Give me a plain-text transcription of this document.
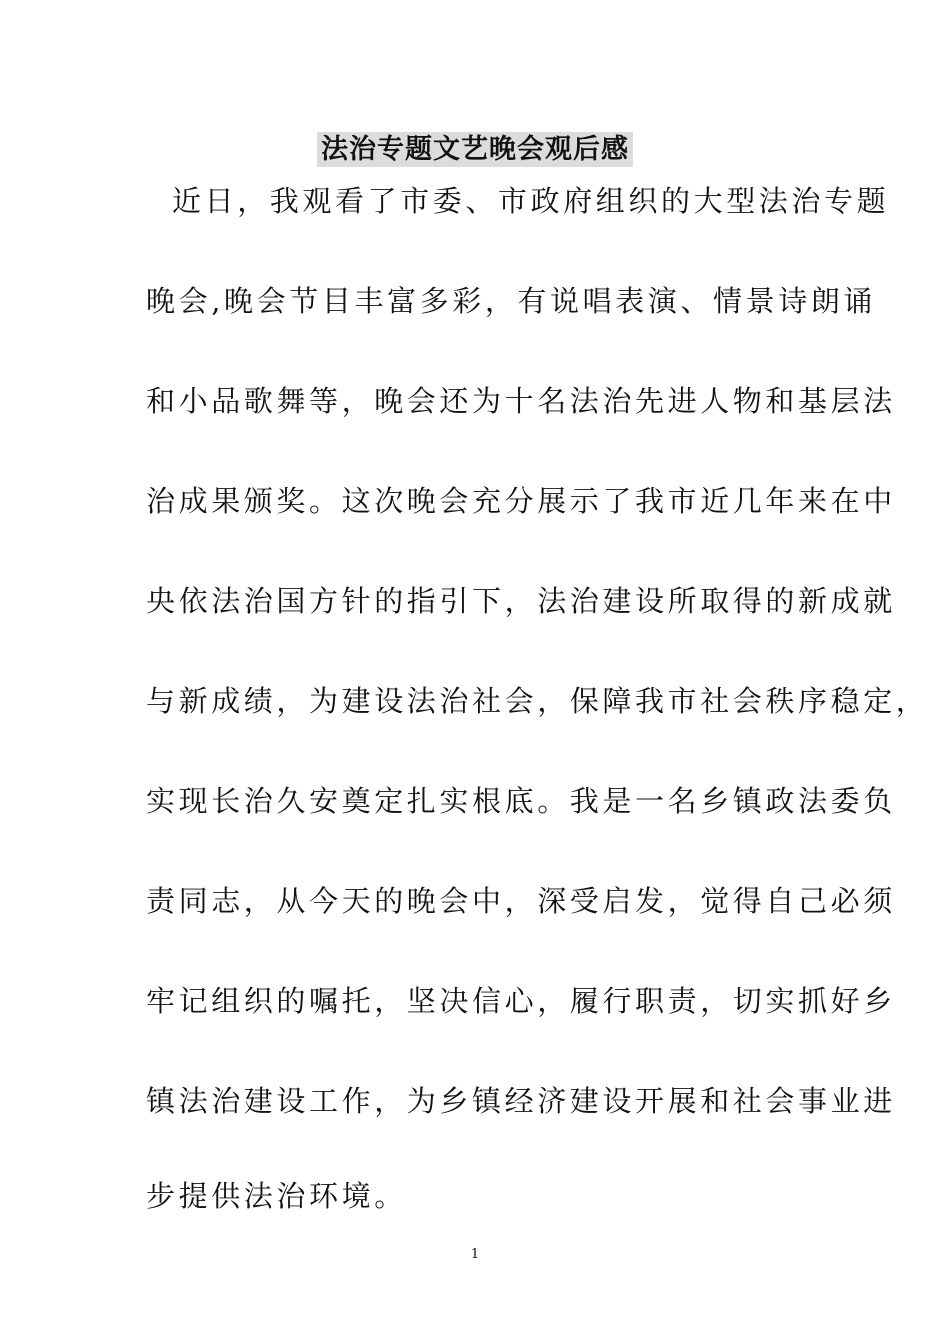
法治专题文艺晚会观后感
近日，我观看了市委、市政府组织的大型法治专题
晚会,晚会节目丰富多彩，有说唱表演、情景诗朗诵
和小品歌舞等，晚会还为十名法治先进人物和基层法
治成果颁奖。这次晚会充分展示了我市近几年来在中
央依法治国方针的指引下，法治建设所取得的新成就
与新成绩，为建设法治社会，保障我市社会秩序稳定，
实现长治久安奠定扎实根底。我是一名乡镇政法委负
责同志，从今天的晚会中，深受启发，觉得自己必须
牢记组织的嘱托，坚决信心，履行职责，切实抓好乡
镇法治建设工作，为乡镇经济建设开展和社会事业进
步提供法治环境。
1
